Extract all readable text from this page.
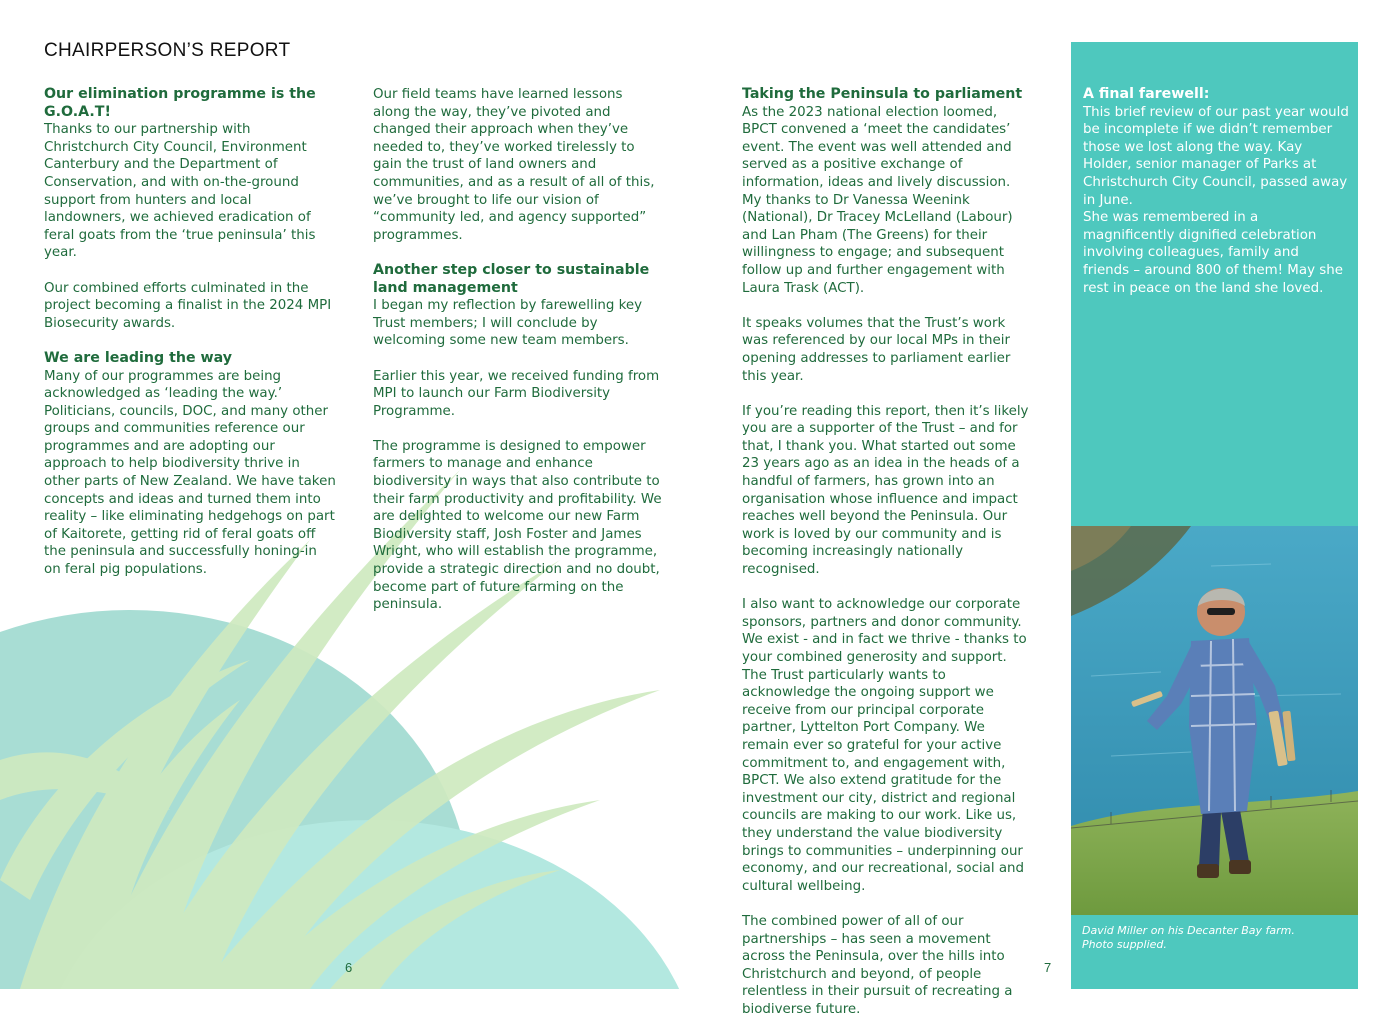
CHAIRPERSON’S REPORT
Our elimination programme is the G.O.A.T!

Thanks to our partnership with Christchurch City Council, Environment Canterbury and the Department of Conservation, and with on-the-ground support from hunters and local landowners, we achieved eradication of feral goats from the ‘true peninsula’ this year.

Our combined efforts culminated in the project becoming a finalist in the 2024 MPI Biosecurity awards.

We are leading the way

Many of our programmes are being acknowledged as ‘leading the way.’ Politicians, councils, DOC, and many other groups and communities reference our programmes and are adopting our approach to help biodiversity thrive in other parts of New Zealand. We have taken concepts and ideas and turned them into reality – like eliminating hedgehogs on part of Kaitorete, getting rid of feral goats off the peninsula and successfully honing-in on feral pig populations.

Our field teams have learned lessons along the way, they’ve pivoted and changed their approach when they’ve needed to, they’ve worked tirelessly to gain the trust of land owners and communities, and as a result of all of this, we’ve brought to life our vision of “community led, and agency supported” programmes.

Another step closer to sustainable land management

I began my reflection by farewelling key Trust members; I will conclude by welcoming some new team members.

Earlier this year, we received funding from MPI to launch our Farm Biodiversity Programme.

The programme is designed to empower farmers to manage and enhance biodiversity in ways that also contribute to their farm productivity and profitability. We are delighted to welcome our new Farm Biodiversity staff, Josh Foster and James Wright, who will establish the programme, provide a strategic direction and no doubt, become part of future farming on the peninsula.

Taking the Peninsula to parliament

As the 2023 national election loomed, BPCT convened a ‘meet the candidates’ event. The event was well attended and served as a positive exchange of information, ideas and lively discussion. My thanks to Dr Vanessa Weenink (National), Dr Tracey McLelland (Labour) and Lan Pham (The Greens) for their willingness to engage; and subsequent follow up and further engagement with Laura Trask (ACT).

It speaks volumes that the Trust’s work was referenced by our local MPs in their opening addresses to parliament earlier this year.

If you’re reading this report, then it’s likely you are a supporter of the Trust – and for that, I thank you. What started out some 23 years ago as an idea in the heads of a handful of farmers, has grown into an organisation whose influence and impact reaches well beyond the Peninsula. Our work is loved by our community and is becoming increasingly nationally recognised.

I also want to acknowledge our corporate sponsors, partners and donor community. We exist - and in fact we thrive - thanks to your combined generosity and support. The Trust particularly wants to acknowledge the ongoing support we receive from our principal corporate partner, Lyttelton Port Company. We remain ever so grateful for your active commitment to, and engagement with, BPCT. We also extend gratitude for the investment our city, district and regional councils are making to our work. Like us, they understand the value biodiversity brings to communities – underpinning our economy, and our recreational, social and cultural wellbeing.

The combined power of all of our partnerships – has seen a movement across the Peninsula, over the hills into Christchurch and beyond, of people relentless in their pursuit of recreating a biodiverse future.

A final farewell:

This brief review of our past year would be incomplete if we didn’t remember those we lost along the way. Kay Holder, senior manager of Parks at Christchurch City Council, passed away in June.

She was remembered in a magnificently dignified celebration involving colleagues, family and friends – around 800 of them! May she rest in peace on the land she loved.

David Miller on his Decanter Bay farm.
Photo supplied.
6	7
